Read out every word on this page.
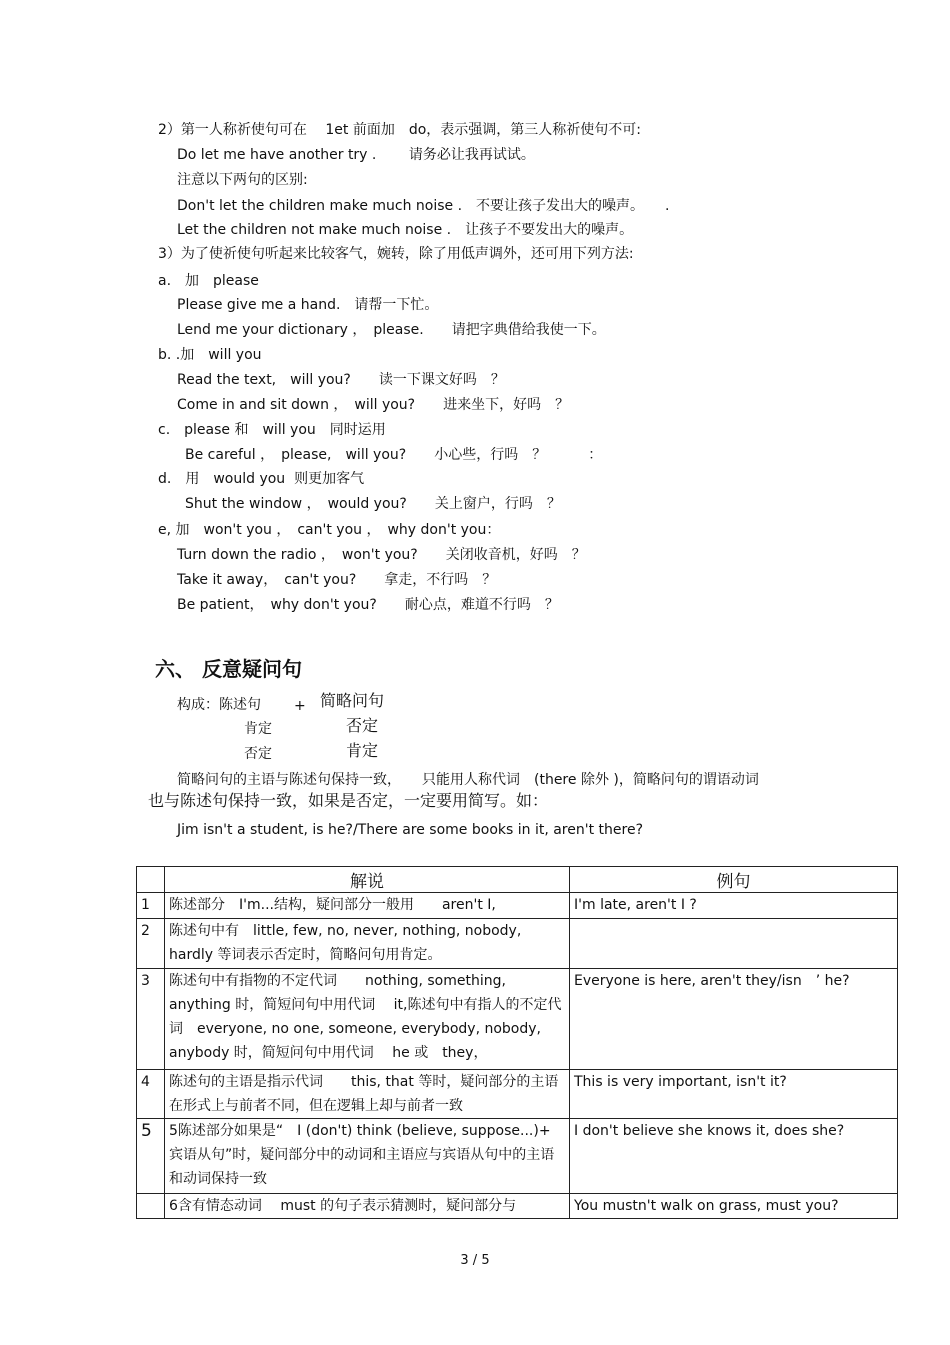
2）第一人称祈使句可在　 1et 前面加　do，表示强调，第三人称祈使句不可:
Do let me have another try .　　 请务必让我再试试。
注意以下两句的区别:
Don't let the children make much noise .　不要让孩子发出大的噪声。　　.
Let the children not make much noise .　让孩子不要发出大的噪声。
3）为了使祈使句听起来比较客气，婉转，除了用低声调外，还可用下列方法:
a.　加　please
Please give me a hand.　请帮一下忙。
Lend me your dictionary ，　please.　　请把字典借给我使一下。
b. .加　will you
Read the text,　will you?　　读一下课文好吗　？
Come in and sit down ，　will you?　　进来坐下，好吗　？
c.　please 和　will you　同时运用
Be careful ，　please,　will you?　　小心些，行吗　？　　　：
d.　用　would you  则更加客气
Shut the window ，　would you?　　关上窗户，行吗　？
e, 加　won't you ，　can't you ，　why don't you：
Turn down the radio ，　won't you?　　关闭收音机，好吗　？
Take it away，　can't you?　　拿走，不行吗　？
Be patient，　why don't you?　　耐心点，难道不行吗　？
六、 反意疑问句
构成：陈述句 + 简略问句
肯定	否定
否定	肯定
简略问句的主语与陈述句保持一致，　　只能用人称代词　(there 除外 )，简略问句的谓语动词
也与陈述句保持一致，如果是否定，一定要用简写。如：
Jim isn't a student, is he?/There are some books in it, aren't there?
	解说	例句
1	陈述部分　I'm...结构，疑问部分一般用　　aren't I,	I'm late, aren't I ?
2	陈述句中有　little, few, no, never, nothing, nobody, hardly 等词表示否定时，简略问句用肯定。	
3	陈述句中有指物的不定代词　　nothing, something, anything 时，简短问句中用代词　 it,陈述句中有指人的不定代词　everyone, no one, someone, everybody, nobody, anybody 时，简短问句中用代词　 he 或　they，	Everyone is here, aren't they/isn　’ he?
4	陈述句的主语是指示代词　　this, that 等时，疑问部分的主语在形式上与前者不同，但在逻辑上却与前者一致	This is very important, isn't it?
5	5陈述部分如果是“　I (don't) think (believe, suppose...)+ 宾语从句”时，疑问部分中的动词和主语应与宾语从句中的主语和动词保持一致	I don't believe she knows it, does she?
	6含有情态动词　 must 的句子表示猜测时，疑问部分与	You mustn't walk on grass, must you?
3 / 5
